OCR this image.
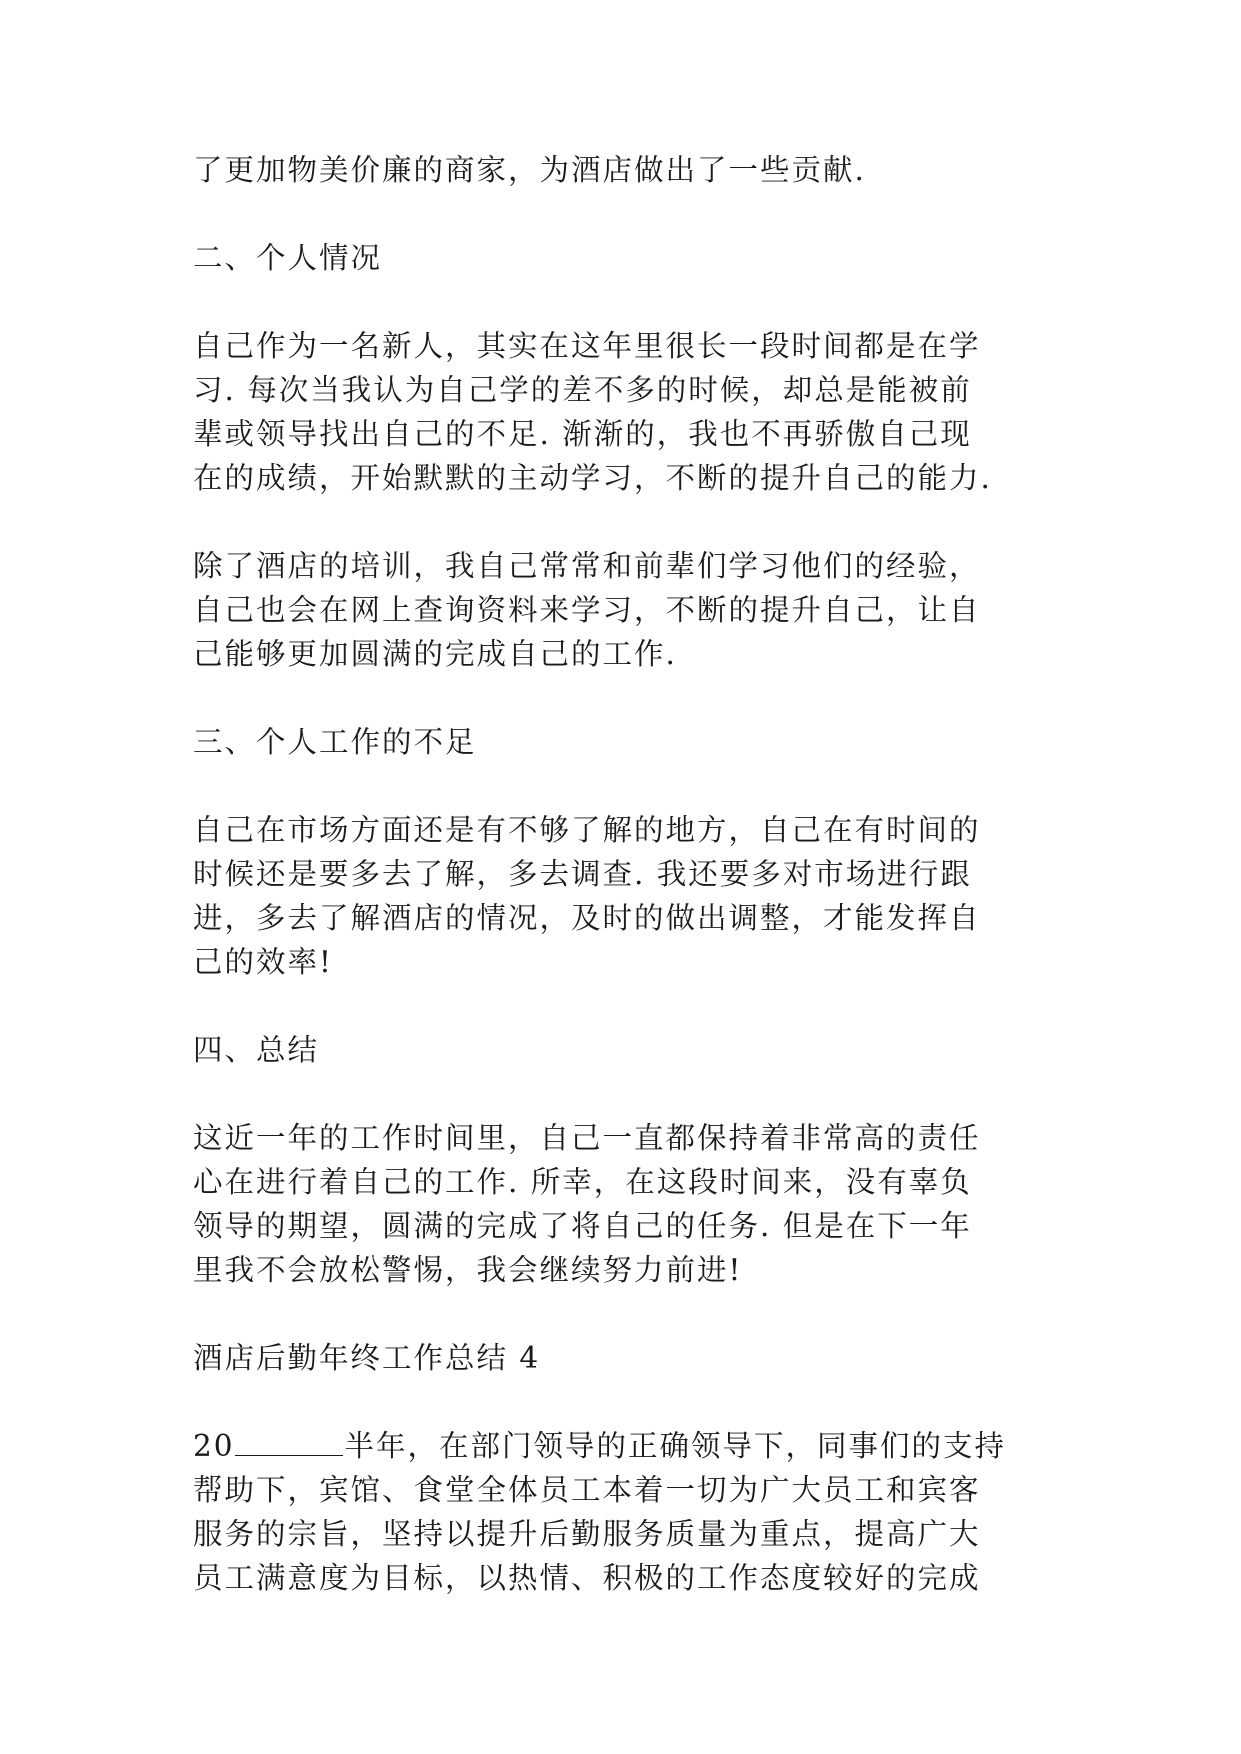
了更加物美价廉的商家，为酒店做出了一些贡献.
二、个人情况
自己作为一名新人，其实在这年里很长一段时间都是在学
习. 每次当我认为自己学的差不多的时候，却总是能被前
辈或领导找出自己的不足. 渐渐的，我也不再骄傲自己现
在的成绩，开始默默的主动学习，不断的提升自己的能力.
除了酒店的培训，我自己常常和前辈们学习他们的经验，
自己也会在网上查询资料来学习，不断的提升自己，让自
己能够更加圆满的完成自己的工作.
三、个人工作的不足
自己在市场方面还是有不够了解的地方，自己在有时间的
时候还是要多去了解，多去调查. 我还要多对市场进行跟
进，多去了解酒店的情况，及时的做出调整，才能发挥自
己的效率!
四、总结
这近一年的工作时间里，自己一直都保持着非常高的责任
心在进行着自己的工作. 所幸，在这段时间来，没有辜负
领导的期望，圆满的完成了将自己的任务. 但是在下一年
里我不会放松警惕，我会继续努力前进!
酒店后勤年终工作总结 4
20	半年，在部门领导的正确领导下，同事们的支持
帮助下，宾馆、食堂全体员工本着一切为广大员工和宾客
服务的宗旨，坚持以提升后勤服务质量为重点，提高广大
员工满意度为目标，以热情、积极的工作态度较好的完成
